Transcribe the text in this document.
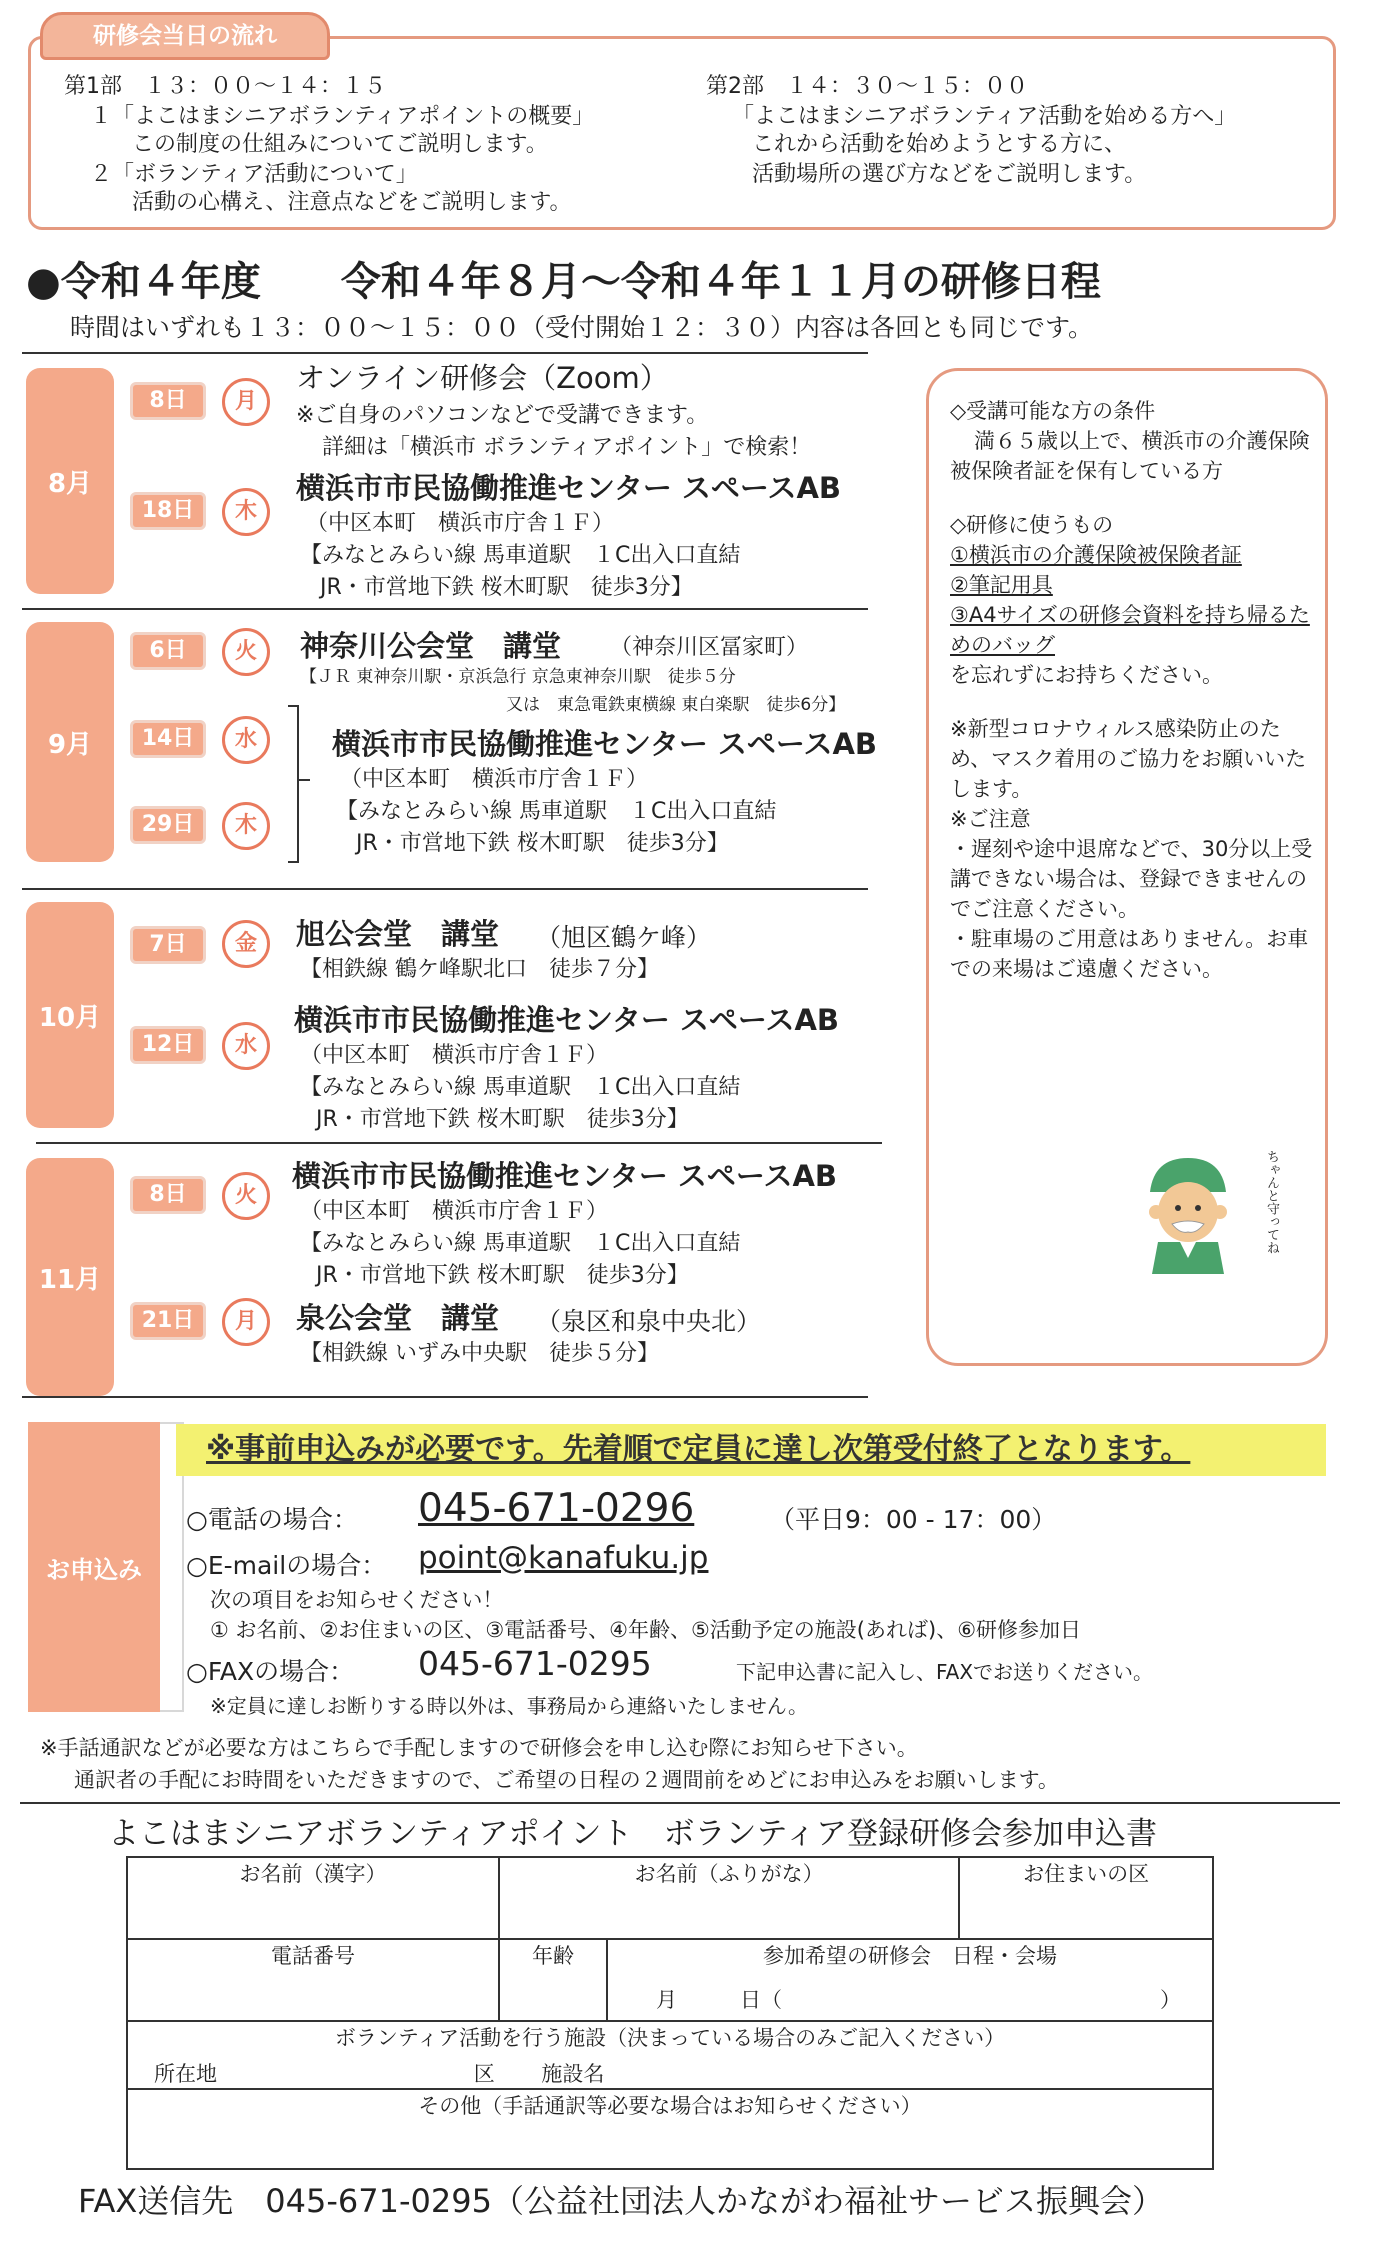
研修会当日の流れ
第1部　１３：００～１４：１５
１「よこはまシニアボランティアポイントの概要」
この制度の仕組みについてご説明します。
２「ボランティア活動について」
活動の心構え、注意点などをご説明します。
第2部　１４：３０～１５：００
「よこはまシニアボランティア活動を始める方へ」
これから活動を始めようとする方に、
活動場所の選び方などをご説明します。
●令和４年度　　令和４年８月～令和４年１１月の研修日程
時間はいずれも１３：００～１５：００（受付開始１２：３０）内容は各回とも同じです。
8月
8日	月
オンライン研修会（Zoom）
※ご自身のパソコンなどで受講できます。
詳細は「横浜市 ボランティアポイント」で検索！
18日	木
横浜市市民協働推進センター スペースAB
（中区本町　横浜市庁舎１Ｆ）
【みなとみらい線 馬車道駅　１C出入口直結
JR・市営地下鉄 桜木町駅　徒歩3分】
9月
6日	火	神奈川公会堂　講堂 （神奈川区冨家町）
【ＪＲ 東神奈川駅・京浜急行 京急東神奈川駅　徒歩５分
又は　東急電鉄東横線 東白楽駅　徒歩6分】
14日	水
29日	木
横浜市市民協働推進センター スペースAB
（中区本町　横浜市庁舎１Ｆ）
【みなとみらい線 馬車道駅　１C出入口直結
JR・市営地下鉄 桜木町駅　徒歩3分】
10月
7日	金	旭公会堂　講堂 （旭区鶴ケ峰）
【相鉄線 鶴ケ峰駅北口　徒歩７分】
12日	水
横浜市市民協働推進センター スペースAB
（中区本町　横浜市庁舎１Ｆ）
【みなとみらい線 馬車道駅　１C出入口直結
JR・市営地下鉄 桜木町駅　徒歩3分】
11月
8日	火
横浜市市民協働推進センター スペースAB
（中区本町　横浜市庁舎１Ｆ）
【みなとみらい線 馬車道駅　１C出入口直結
JR・市営地下鉄 桜木町駅　徒歩3分】
21日	月	泉公会堂　講堂 （泉区和泉中央北）
【相鉄線 いずみ中央駅　徒歩５分】
◇受講可能な方の条件
満６５歳以上で、横浜市の介護保険被保険者証を保有している方
◇研修に使うもの
①横浜市の介護保険被保険者証
②筆記用具
③A4サイズの研修会資料を持ち帰るためのバッグ
を忘れずにお持ちください。
※新型コロナウィルス感染防止のため、マスク着用のご協力をお願いいたします。
※ご注意
・遅刻や途中退席などで、30分以上受講できない場合は、登録できませんのでご注意ください。
・駐車場のご用意はありません。お車での来場はご遠慮ください。
ちゃんと守ってね
お申込み
※事前申込みが必要です。先着順で定員に達し次第受付終了となります。
○電話の場合： 045-671-0296	（平日9：00 - 17：00）
○E-mailの場合： point@kanafuku.jp
次の項目をお知らせください！
① お名前、②お住まいの区、③電話番号、④年齢、⑤活動予定の施設(あれば)、⑥研修参加日
○FAXの場合： 045-671-0295	下記申込書に記入し、FAXでお送りください。
※定員に達しお断りする時以外は、事務局から連絡いたしません。
※手話通訳などが必要な方はこちらで手配しますので研修会を申し込む際にお知らせ下さい。
通訳者の手配にお時間をいただきますので、ご希望の日程の２週間前をめどにお申込みをお願いします。
よこはまシニアボランティアポイント　ボランティア登録研修会参加申込書
お名前（漢字）	お名前（ふりがな）		お住まいの区
電話番号	年齢	参加希望の研修会　日程・会場
月　　　日（　　　　　　　　　　　　　　　　　　）	

ボランティア活動を行う施設（決まっている場合のみご記入ください）
所在地 区 施設名			

その他（手話通訳等必要な場合はお知らせください）			
FAX送信先　045-671-0295（公益社団法人かながわ福祉サービス振興会）
